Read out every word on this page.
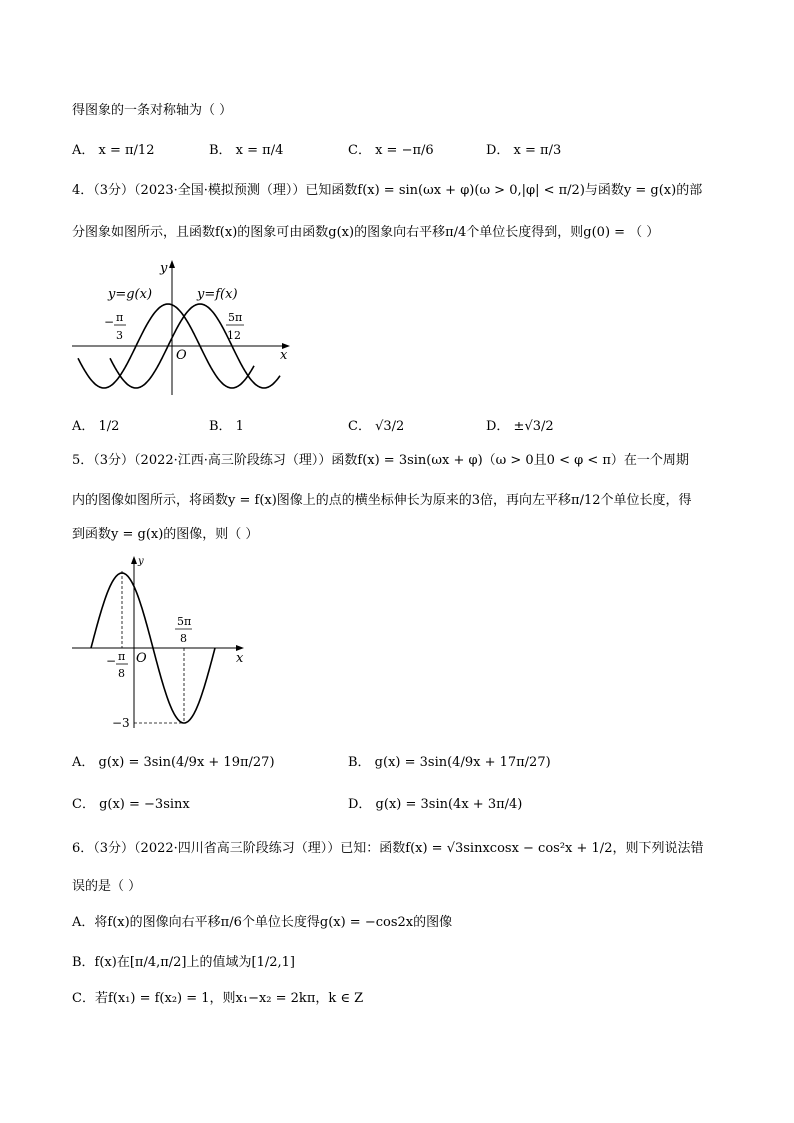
得图象的一条对称轴为（ ）
A． x = π/12	B． x = π/4	C． x = −π/6	D． x = π/3
4．（3分）（2023·全国·模拟预测（理））已知函数f(x) = sin(ωx + φ)(ω > 0,|φ| < π/2)与函数y = g(x)的部
分图象如图所示，且函数f(x)的图象可由函数g(x)的图象向右平移π/4个单位长度得到，则g(0) = （ ）
y
x
O
y=g(x)	y=f(x)
− π
3
5π
12
A． 1/2	B． 1	C． √3/2	D． ±√3/2
5．（3分）（2022·江西·高三阶段练习（理））函数f(x) = 3sin(ωx + φ)（ω > 0且0 < φ < π）在一个周期
内的图像如图所示，将函数y = f(x)图像上的点的横坐标伸长为原来的3倍，再向左平移π/12个单位长度，得
到函数y = g(x)的图像，则（ ）
y
x
O
− π
8
5π
8
−3
A． g(x) = 3sin(4/9x + 19π/27)	B． g(x) = 3sin(4/9x + 17π/27)
C． g(x) = −3sinx	D． g(x) = 3sin(4x + 3π/4)
6．（3分）（2022·四川省高三阶段练习（理））已知：函数f(x) = √3sinxcosx − cos²x + 1/2，则下列说法错
误的是（ ）
A．将f(x)的图像向右平移π/6个单位长度得g(x) = −cos2x的图像
B．f(x)在[π/4,π/2]上的值域为[1/2,1]
C．若f(x₁) = f(x₂) = 1，则x₁−x₂ = 2kπ，k ∈ Z
